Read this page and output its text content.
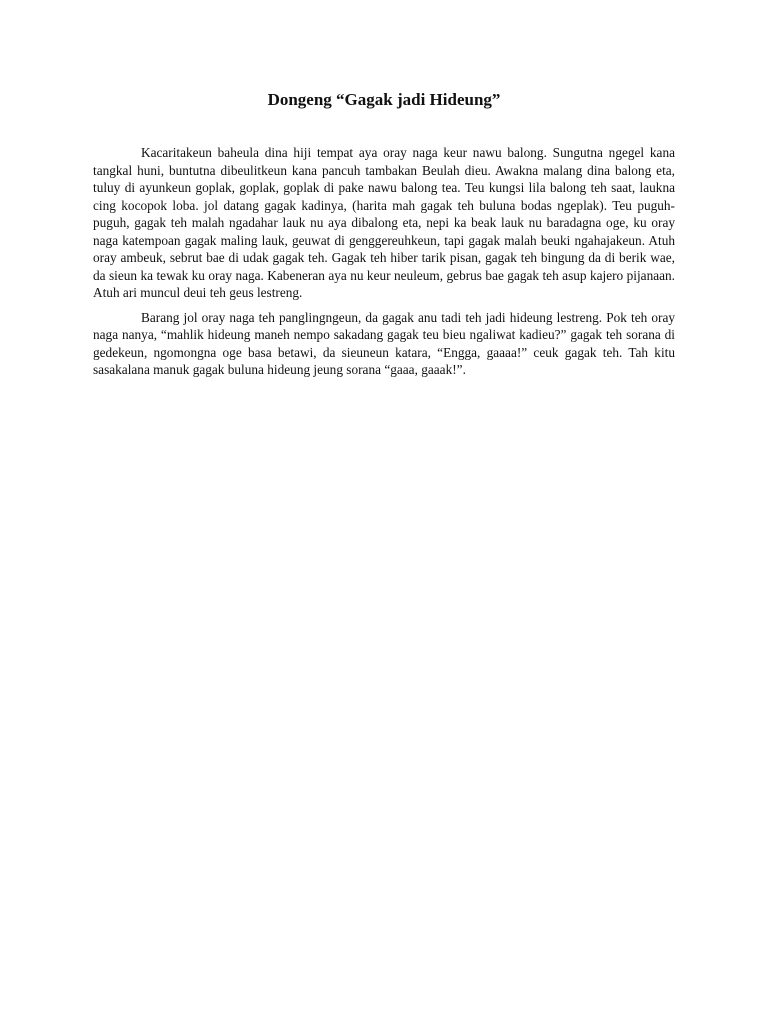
Dongeng “Gagak jadi Hideung”

Kacaritakeun baheula dina hiji tempat aya oray naga keur nawu balong. Sungutna ngegel kana tangkal huni, buntutna dibeulitkeun kana pancuh tambakan Beulah dieu. Awakna malang dina balong eta, tuluy di ayunkeun goplak, goplak, goplak di pake nawu balong tea. Teu kungsi lila balong teh saat, laukna cing kocopok loba. jol datang gagak kadinya, (harita mah gagak teh buluna bodas ngeplak). Teu puguh-puguh, gagak teh malah ngadahar lauk nu aya dibalong eta, nepi ka beak lauk nu baradagna oge, ku oray naga katempoan gagak maling lauk, geuwat di genggereuhkeun, tapi gagak malah beuki ngahajakeun. Atuh oray ambeuk, sebrut bae di udak gagak teh. Gagak teh hiber tarik pisan, gagak teh bingung da di berik wae, da sieun ka tewak ku oray naga. Kabeneran aya nu keur neuleum, gebrus bae gagak teh asup kajero pijanaan. Atuh ari muncul deui teh geus lestreng.

Barang jol oray naga teh panglingngeun, da gagak anu tadi teh jadi hideung lestreng. Pok teh oray naga nanya, “mahlik hideung maneh nempo sakadang gagak teu bieu ngaliwat kadieu?” gagak teh sorana di gedekeun, ngomongna oge basa betawi, da sieuneun katara, “Engga, gaaaa!” ceuk gagak teh. Tah kitu sasakalana manuk gagak buluna hideung jeung sorana “gaaa, gaaak!”.
